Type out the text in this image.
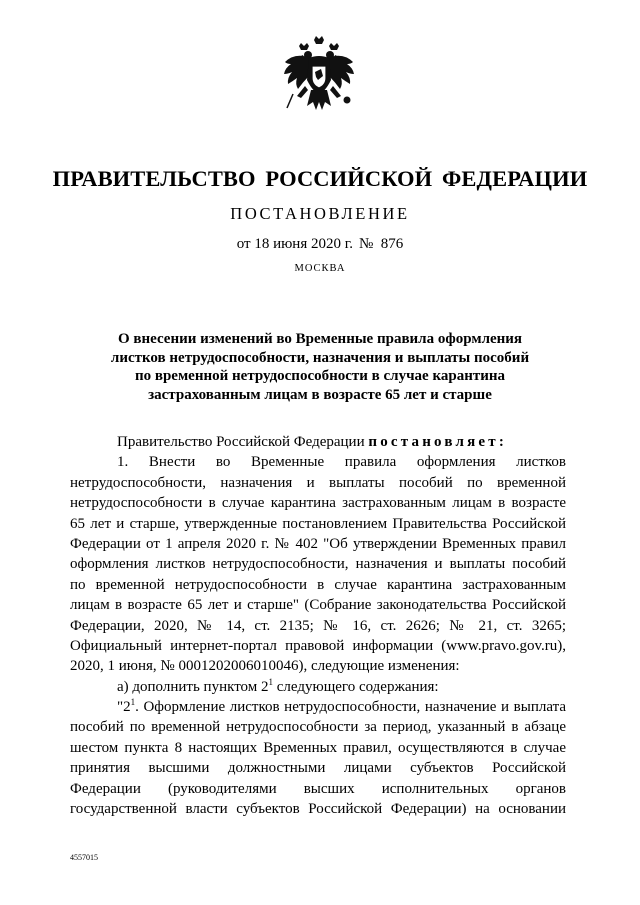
ПРАВИТЕЛЬСТВО РОССИЙСКОЙ ФЕДЕРАЦИИ
ПОСТАНОВЛЕНИЕ
от 18 июня 2020 г. №  876
МОСКВА
О внесении изменений во Временные правила оформления
листков нетрудоспособности, назначения и выплаты пособий
по временной нетрудоспособности в случае карантина
застрахованным лицам в возрасте 65 лет и старше
Правительство Российской Федерации постановляет:
1. Внести во Временные правила оформления листков
нетрудоспособности, назначения и выплаты пособий по временной
нетрудоспособности в случае карантина застрахованным лицам в возрасте
65 лет и старше, утвержденные постановлением Правительства Российской
Федерации от 1 апреля 2020 г. № 402 "Об утверждении Временных правил
оформления листков нетрудоспособности, назначения и выплаты пособий
по временной нетрудоспособности в случае карантина застрахованным
лицам в возрасте 65 лет и старше" (Собрание законодательства Российской
Федерации, 2020, № 14, ст. 2135; № 16, ст. 2626; № 21, ст. 3265;
Официальный интернет-портал правовой информации (www.pravo.gov.ru),
2020, 1 июня, № 0001202006010046), следующие изменения:
а) дополнить пунктом $2^1$ следующего содержания:
"$2^1$. Оформление листков нетрудоспособности, назначение и выплата
пособий по временной нетрудоспособности за период, указанный в абзаце
шестом пункта 8 настоящих Временных правил, осуществляются в случае
принятия высшими должностными лицами субъектов Российской
Федерации (руководителями высших исполнительных органов
государственной власти субъектов Российской Федерации) на основании
4557015
